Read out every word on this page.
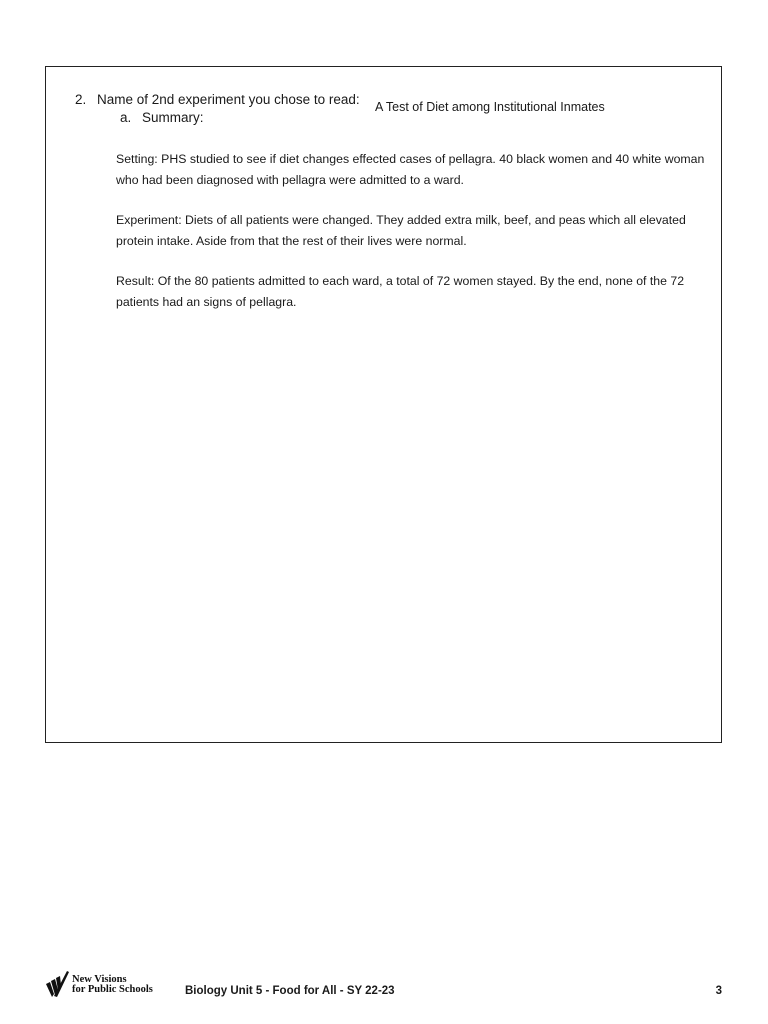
2. Name of 2nd experiment you chose to read: A Test of Diet among Institutional Inmates
a. Summary:

Setting: PHS studied to see if diet changes effected cases of pellagra. 40 black women and 40 white woman who had been diagnosed with pellagra were admitted to a ward.

Experiment: Diets of all patients were changed. They added extra milk, beef, and peas which all elevated protein intake. Aside from that the rest of their lives were normal.

Result: Of the 80 patients admitted to each ward, a total of 72 women stayed. By the end, none of the 72 patients had an signs of pellagra.

New Visions
for Public Schools	Biology Unit 5 - Food for All - SY 22-23	3
